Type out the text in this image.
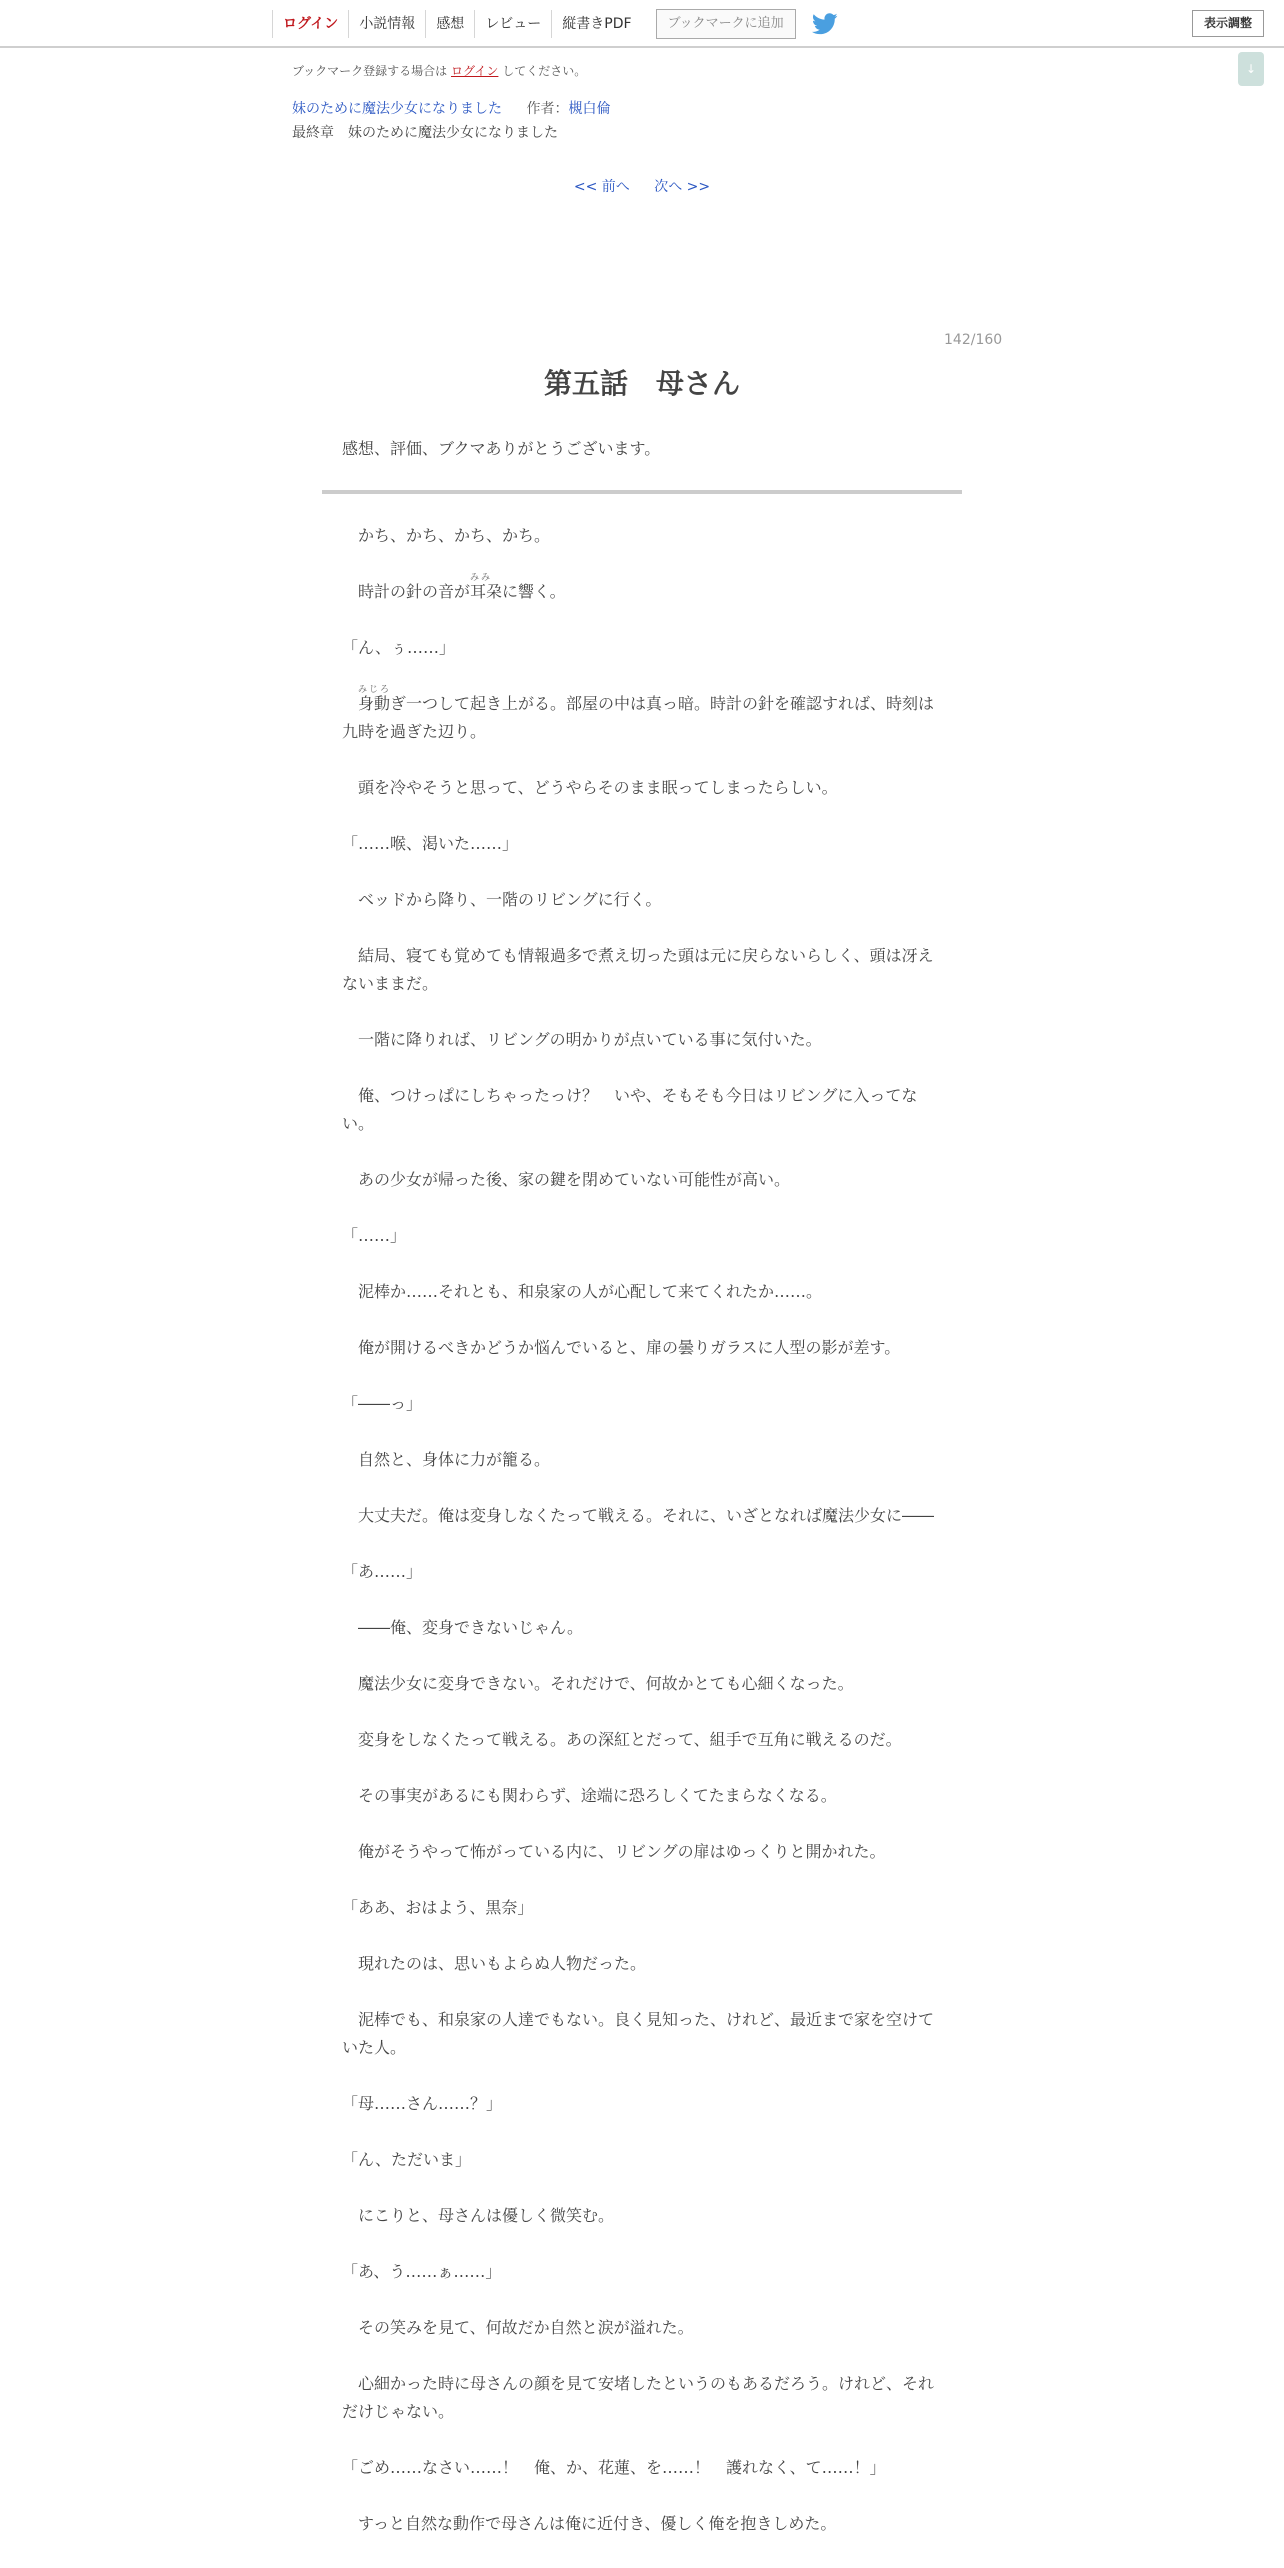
ログイン	小説情報	感想	レビュー	縦書きPDF	ブックマークに追加	表示調整
↓
ブックマーク登録する場合は ログイン してください。
妹のために魔法少女になりました 作者：槻白倫
最終章　妹のために魔法少女になりました
<< 前へ 次へ >>
142/160
第五話　母さん
感想、評価、ブクマありがとうございます。

　かち、かち、かち、かち。

　時計の針の音が耳朶に響く。
みみ

「ん、ぅ……」

　身動ぎ一つして起き上がる。部屋の中は真っ暗。時計の針を確認すれば、時刻は九時を過ぎた辺り。
みじろ

　頭を冷やそうと思って、どうやらそのまま眠ってしまったらしい。

「……喉、渇いた……」

　ベッドから降り、一階のリビングに行く。

　結局、寝ても覚めても情報過多で煮え切った頭は元に戻らないらしく、頭は冴えないままだ。

　一階に降りれば、リビングの明かりが点いている事に気付いた。

　俺、つけっぱにしちゃったっけ？　いや、そもそも今日はリビングに入ってない。

　あの少女が帰った後、家の鍵を閉めていない可能性が高い。

「……」

　泥棒か……それとも、和泉家の人が心配して来てくれたか……。

　俺が開けるべきかどうか悩んでいると、扉の曇りガラスに人型の影が差す。

「――っ」

　自然と、身体に力が籠る。

　大丈夫だ。俺は変身しなくたって戦える。それに、いざとなれば魔法少女に――

「あ……」

　――俺、変身できないじゃん。

　魔法少女に変身できない。それだけで、何故かとても心細くなった。

　変身をしなくたって戦える。あの深紅とだって、組手で互角に戦えるのだ。

　その事実があるにも関わらず、途端に恐ろしくてたまらなくなる。

　俺がそうやって怖がっている内に、リビングの扉はゆっくりと開かれた。

「ああ、おはよう、黒奈」

　現れたのは、思いもよらぬ人物だった。

　泥棒でも、和泉家の人達でもない。良く見知った、けれど、最近まで家を空けていた人。

「母……さん……？」

「ん、ただいま」

　にこりと、母さんは優しく微笑む。

「あ、う……ぁ……」

　その笑みを見て、何故だか自然と涙が溢れた。

　心細かった時に母さんの顔を見て安堵したというのもあるだろう。けれど、それだけじゃない。

「ごめ……なさい……！　俺、か、花蓮、を……！　護れなく、て……！」

　すっと自然な動作で母さんは俺に近付き、優しく俺を抱きしめた。
